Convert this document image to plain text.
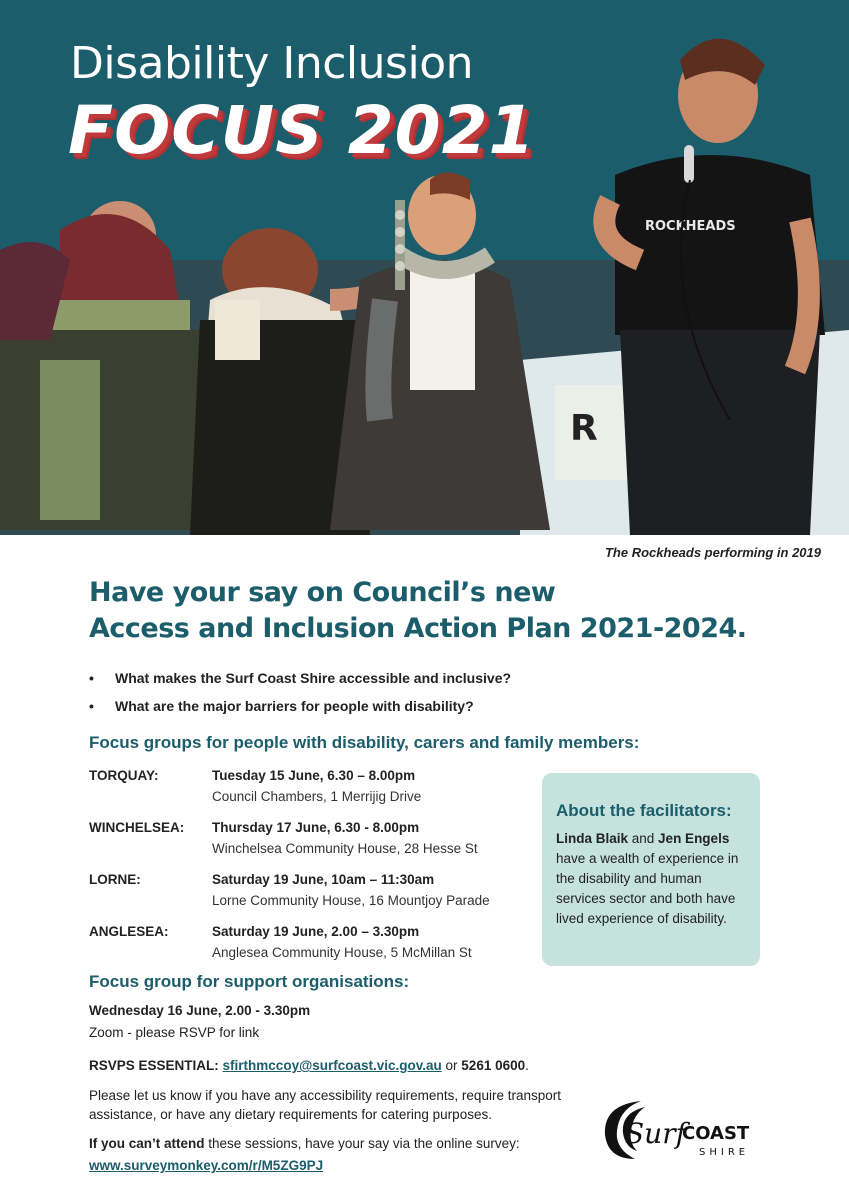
R
ROCKHEADS
Disability Inclusion
FOCUS 2021
The Rockheads performing in 2019
Have your say on Council’s new
Access and Inclusion Action Plan 2021-2024.
• What makes the Surf Coast Shire accessible and inclusive?
• What are the major barriers for people with disability?
Focus groups for people with disability, carers and family members:
TORQUAY:	Tuesday 15 June, 6.30 – 8.00pm
Council Chambers, 1 Merrijig Drive
WINCHELSEA:	Thursday 17 June, 6.30 - 8.00pm
Winchelsea Community House, 28 Hesse St
LORNE:	Saturday 19 June, 10am – 11:30am
Lorne Community House, 16 Mountjoy Parade
ANGLESEA:	Saturday 19 June, 2.00 – 3.30pm
Anglesea Community House, 5 McMillan St
About the facilitators:
Linda Blaik and Jen Engels have a wealth of experience in the disability and human services sector and both have lived experience of disability.
Focus group for support organisations:
Wednesday 16 June, 2.00 - 3.30pm
Zoom - please RSVP for link
RSVPS ESSENTIAL: sfirthmccoy@surfcoast.vic.gov.au or 5261 0600.
Please let us know if you have any accessibility requirements, require transport assistance, or have any dietary requirements for catering purposes.
If you can’t attend these sessions, have your say via the online survey:
www.surveymonkey.com/r/M5ZG9PJ
Surf
COAST
SHIRE
